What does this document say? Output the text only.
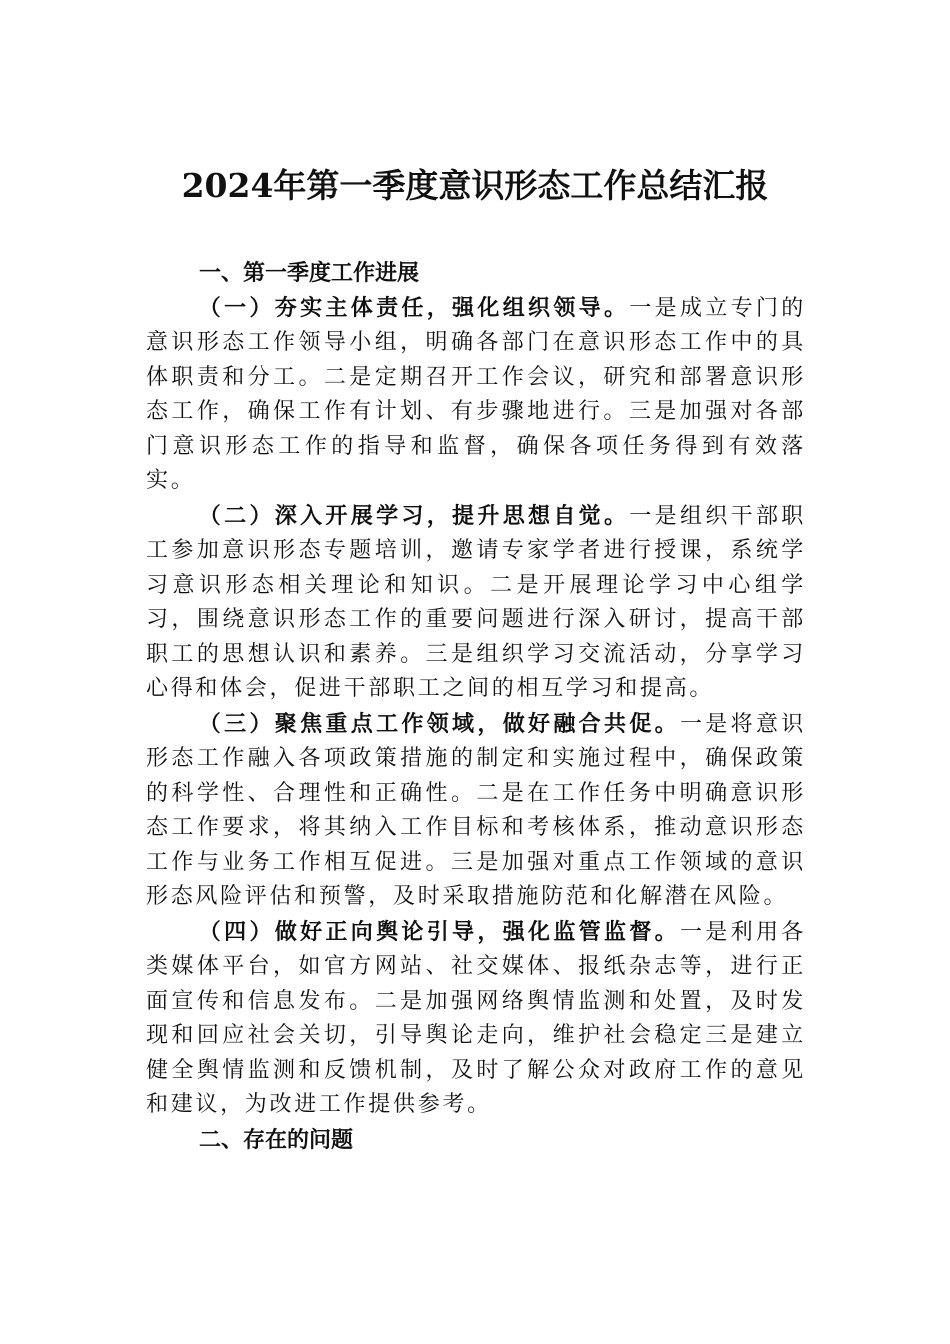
2024年第一季度意识形态工作总结汇报

一、第一季度工作进展

（一）夯实主体责任，强化组织领导。一是成立专门的意识形态工作领导小组，明确各部门在意识形态工作中的具体职责和分工。二是定期召开工作会议，研究和部署意识形态工作，确保工作有计划、有步骤地进行。三是加强对各部门意识形态工作的指导和监督，确保各项任务得到有效落实。

（二）深入开展学习，提升思想自觉。一是组织干部职工参加意识形态专题培训，邀请专家学者进行授课，系统学习意识形态相关理论和知识。二是开展理论学习中心组学习，围绕意识形态工作的重要问题进行深入研讨，提高干部职工的思想认识和素养。三是组织学习交流活动，分享学习心得和体会，促进干部职工之间的相互学习和提高。

（三）聚焦重点工作领域，做好融合共促。一是将意识形态工作融入各项政策措施的制定和实施过程中，确保政策的科学性、合理性和正确性。二是在工作任务中明确意识形态工作要求，将其纳入工作目标和考核体系，推动意识形态工作与业务工作相互促进。三是加强对重点工作领域的意识形态风险评估和预警，及时采取措施防范和化解潜在风险。

（四）做好正向舆论引导，强化监管监督。一是利用各类媒体平台，如官方网站、社交媒体、报纸杂志等，进行正面宣传和信息发布。二是加强网络舆情监测和处置，及时发现和回应社会关切，引导舆论走向，维护社会稳定三是建立健全舆情监测和反馈机制，及时了解公众对政府工作的意见和建议，为改进工作提供参考。

二、存在的问题
